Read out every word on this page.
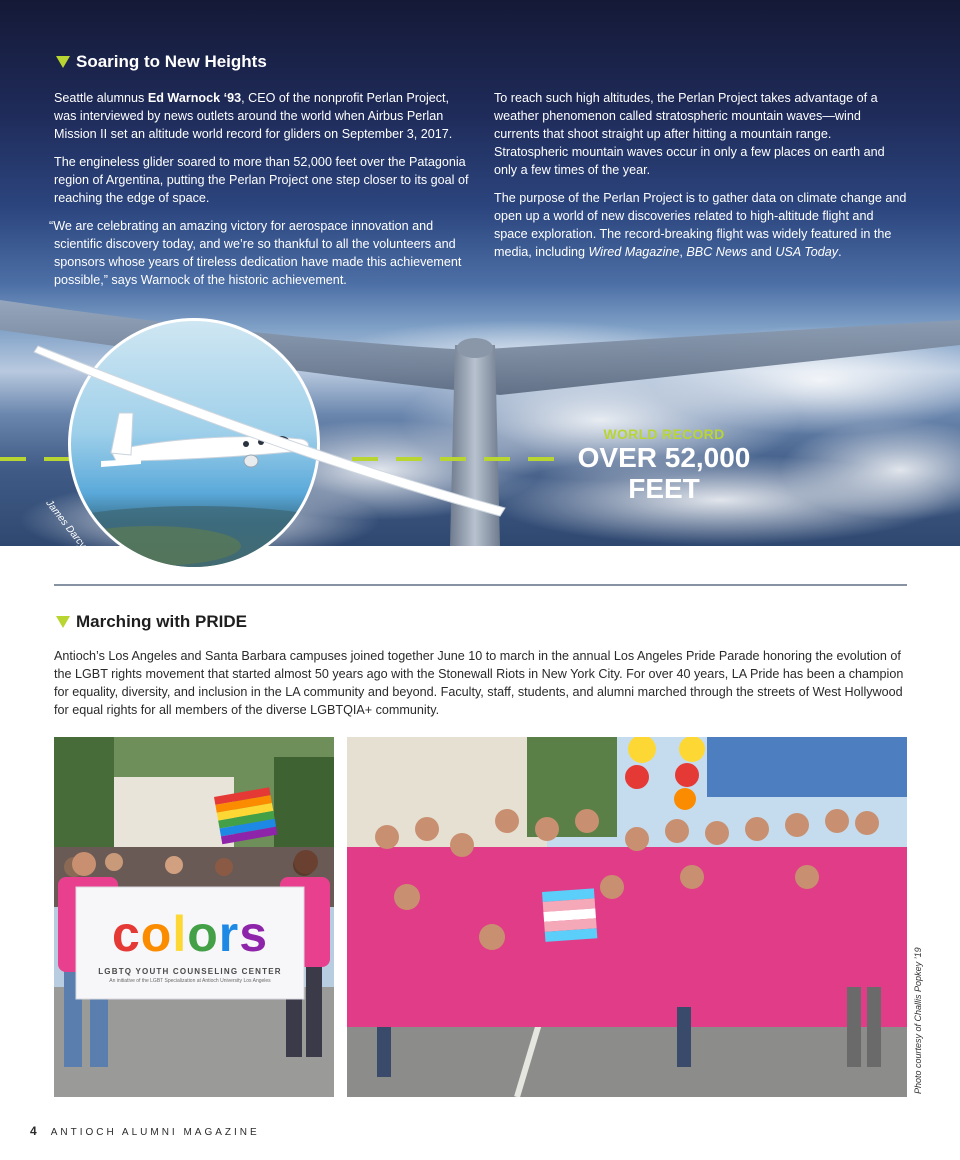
Soaring to New Heights

Seattle alumnus Ed Warnock ‘93, CEO of the nonprofit Perlan Project, was interviewed by news outlets around the world when Airbus Perlan Mission II set an altitude world record for gliders on September 3, 2017.

The engineless glider soared to more than 52,000 feet over the Patagonia region of Argentina, putting the Perlan Project one step closer to its goal of reaching the edge of space.

“We are celebrating an amazing victory for aerospace innovation and scientific discovery today, and we’re so thankful to all the volunteers and sponsors whose years of tireless dedication have made this achievement possible,” says Warnock of the historic achievement.

To reach such high altitudes, the Perlan Project takes advantage of a weather phenomenon called stratospheric mountain waves—wind currents that shoot straight up after hitting a mountain range. Stratospheric mountain waves occur in only a few places on earth and only a few times of the year.

The purpose of the Perlan Project is to gather data on climate change and open up a world of new discoveries related to high-altitude flight and space exploration. The record-breaking flight was widely featured in the media, including Wired Magazine, BBC News and USA Today.

WORLD RECORD
OVER 52,000
FEET
Marching with PRIDE
Antioch’s Los Angeles and Santa Barbara campuses joined together June 10 to march in the annual Los Angeles Pride Parade honoring the evolution of the LGBT rights movement that started almost 50 years ago with the Stonewall Riots in New York City. For over 40 years, LA Pride has been a champion for equality, diversity, and inclusion in the LA community and beyond. Faculty, staff, students, and alumni marched through the streets of West Hollywood for equal rights for all members of the diverse LGBTQIA+ community.
colors
LGBTQ YOUTH COUNSELING CENTER
An initiative of the LGBT Specialization at Antioch University Los Angeles	Photo courtesy of Challis Popkey ’19
4 ANTIOCH ALUMNI MAGAZINE
